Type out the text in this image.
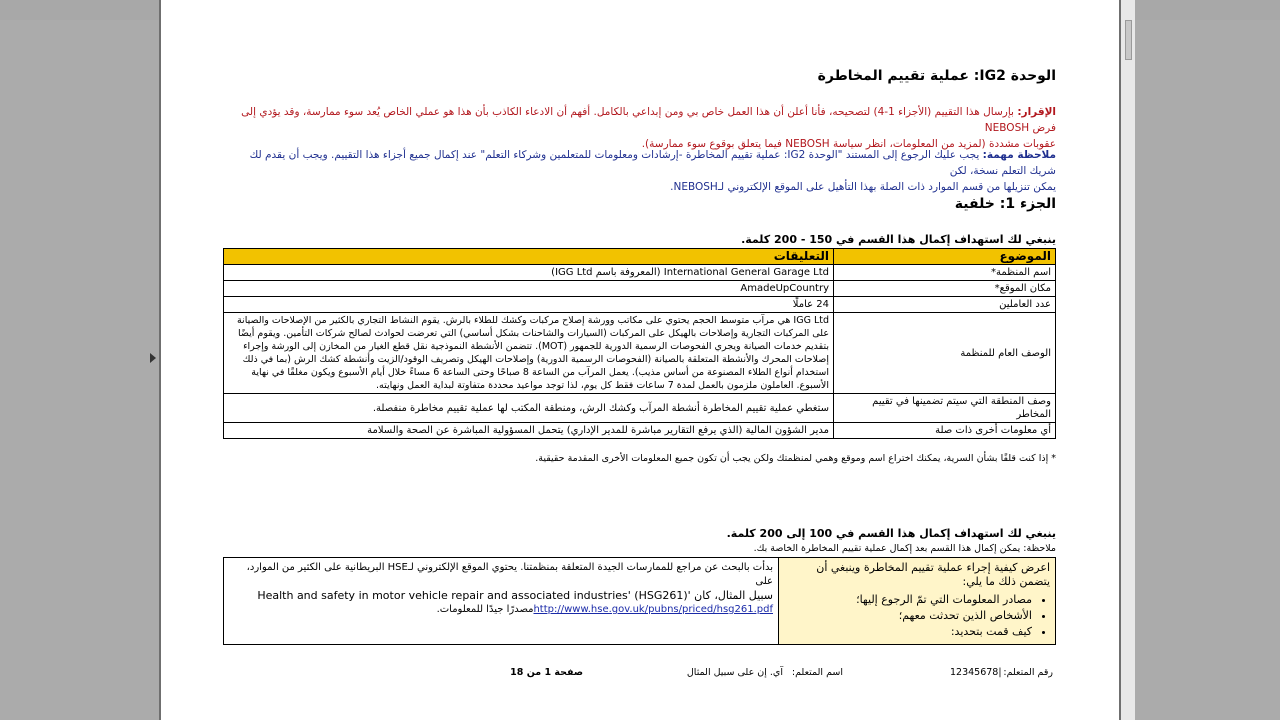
الوحدة IG2: عملية تقييم المخاطرة
الإقرار: بإرسال هذا التقييم (الأجزاء 1-4) لتصحيحه، فأنا أعلن أن هذا العمل خاص بي ومن إبداعي بالكامل. أفهم أن الادعاء الكاذب بأن هذا هو عملي الخاص يُعد سوء ممارسة، وقد يؤدي إلى فرض NEBOSH
عقوبات مشددة (لمزيد من المعلومات، انظر سياسة NEBOSH فيما يتعلق بوقوع سوء ممارسة).
ملاحظة مهمة: يجب عليك الرجوع إلى المستند "الوحدة IG2: عملية تقييم المخاطرة -إرشادات ومعلومات للمتعلمين وشركاء التعلم" عند إكمال جميع أجزاء هذا التقييم. ويجب أن يقدم لك شريك التعلم نسخة، لكن
يمكن تنزيلها من قسم الموارد ذات الصلة بهذا التأهيل على الموقع الإلكتروني لـNEBOSH.
الجزء 1: خلفية
ينبغي لك استهداف إكمال هذا القسم في 150 - 200 كلمة.
الموضوع	التعليقات
اسم المنظمة*	International General Garage Ltd (المعروفة باسم IGG Ltd)
مكان الموقع*	AmadeUpCountry
عدد العاملين	24 عاملًا
الوصف العام للمنظمة	IGG Ltd هي مرآب متوسط الحجم يحتوي على مكاتب وورشة إصلاح مركبات وكشك للطلاء بالرش. يقوم النشاط التجاري بالكثير من الإصلاحات والصيانة على المركبات التجارية وإصلاحات بالهيكل على المركبات (السيارات والشاحنات بشكل أساسي) التي تعرضت لحوادث لصالح شركات التأمين. ويقوم أيضًا بتقديم خدمات الصيانة ويجري الفحوصات الرسمية الدورية للجمهور (MOT). تتضمن الأنشطة النموذجية نقل قطع الغيار من المخازن إلى الورشة وإجراء إصلاحات المحرك والأنشطة المتعلقة بالصيانة (الفحوصات الرسمية الدورية) وإصلاحات الهيكل وتصريف الوقود/الزيت وأنشطة كشك الرش (بما في ذلك استخدام أنواع الطلاء المصنوعة من أساس مذيب). يعمل المرآب من الساعة 8 صباحًا وحتى الساعة 6 مساءً خلال أيام الأسبوع ويكون مغلقًا في نهاية الأسبوع. العاملون ملزمون بالعمل لمدة 7 ساعات فقط كل يوم، لذا توجد مواعيد محددة متفاوتة لبداية العمل ونهايته.
وصف المنطقة التي سيتم تضمينها في تقييم المخاطر	ستغطي عملية تقييم المخاطرة أنشطة المرآب وكشك الرش، ومنطقة المكتب لها عملية تقييم مخاطرة منفصلة.
أي معلومات أخرى ذات صلة	مدير الشؤون المالية (الذي يرفع التقارير مباشرة للمدير الإداري) يتحمل المسؤولية المباشرة عن الصحة والسلامة
* إذا كنت قلقًا بشأن السرية، يمكنك اختراع اسم وموقع وهمي لمنظمتك ولكن يجب أن تكون جميع المعلومات الأخرى المقدمة حقيقية.
ينبغي لك استهداف إكمال هذا القسم في 100 إلى 200 كلمة.
ملاحظة: يمكن إكمال هذا القسم بعد إكمال عملية تقييم المخاطرة الخاصة بك.
اعرض كيفية إجراء عملية تقييم المخاطرة وينبغي أن يتضمن ذلك ما يلي:
• مصادر المعلومات التي تمّ الرجوع إليها؛
• الأشخاص الذين تحدثت معهم؛
• كيف قمت بتحديد:

بدأت بالبحث عن مراجع للممارسات الجيدة المتعلقة بمنظمتنا. يحتوي الموقع الإلكتروني لـHSE البريطانية على الكثير من الموارد، على
سبيل المثال، كان 'Health and safety in motor vehicle repair and associated industries' (HSG261)
http://www.hse.gov.uk/pubns/priced/hsg261.pdfمصدرًا جيدًا للمعلومات.
رقم المتعلم:
12345678|
اسم المتعلم:
آي. إن على سبيل المثال
صفحة 1 من 18
